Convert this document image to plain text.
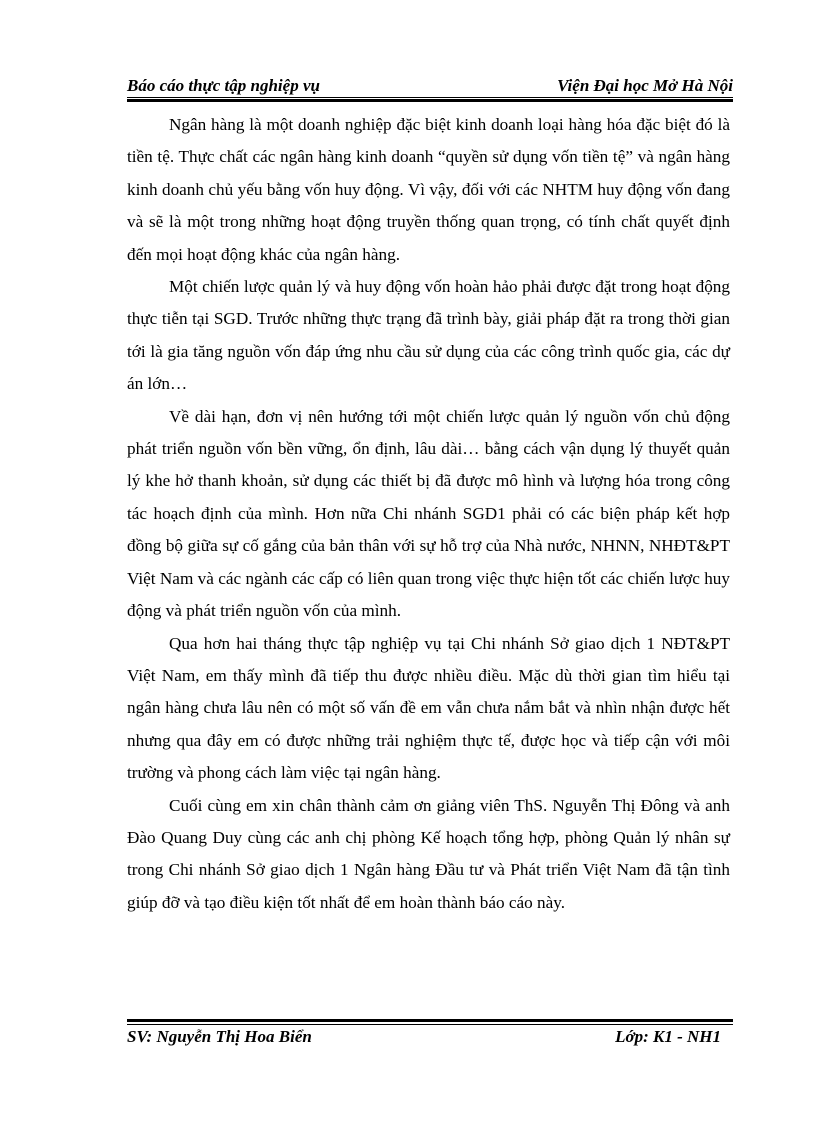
Báo cáo thực tập nghiệp vụ	Viện Đại học Mở Hà Nội

Ngân hàng là một doanh nghiệp đặc biệt kinh doanh loại hàng hóa đặc biệt đó là tiền tệ. Thực chất các ngân hàng kinh doanh “quyền sử dụng vốn tiền tệ” và ngân hàng kinh doanh chủ yếu bằng vốn huy động. Vì vậy, đối với các NHTM huy động vốn đang và sẽ là một trong những hoạt động truyền thống quan trọng, có tính chất quyết định đến mọi hoạt động khác của ngân hàng.

Một chiến lược quản lý và huy động vốn hoàn hảo phải được đặt trong hoạt động thực tiễn tại SGD. Trước những thực trạng đã trình bày, giải pháp đặt ra trong thời gian tới là gia tăng nguồn vốn đáp ứng nhu cầu sử dụng của các công trình quốc gia, các dự án lớn…

Về dài hạn, đơn vị nên hướng tới một chiến lược quản lý nguồn vốn chủ động phát triển nguồn vốn bền vững, ổn định, lâu dài… bằng cách vận dụng lý thuyết quản lý khe hở thanh khoản, sử dụng các thiết bị đã được mô hình và lượng hóa trong công tác hoạch định của mình. Hơn nữa Chi nhánh SGD1 phải có các biện pháp kết hợp đồng bộ giữa sự cố gắng của bản thân với sự hỗ trợ của Nhà nước, NHNN, NHĐT&PT Việt Nam và các ngành các cấp có liên quan trong việc thực hiện tốt các chiến lược huy động và phát triển nguồn vốn của mình.

Qua hơn hai tháng thực tập nghiệp vụ tại Chi nhánh Sở giao dịch 1 NĐT&PT Việt Nam, em thấy mình đã tiếp thu được nhiều điều. Mặc dù thời gian tìm hiểu tại ngân hàng chưa lâu nên có một số vấn đề em vẫn chưa nắm bắt và nhìn nhận được hết nhưng qua đây em có được những trải nghiệm thực tế, được học và tiếp cận với môi trường và phong cách làm việc tại ngân hàng.

Cuối cùng em xin chân thành cảm ơn giảng viên ThS. Nguyễn Thị Đông và anh Đào Quang Duy cùng các anh chị phòng Kế hoạch tổng hợp, phòng Quản lý nhân sự trong Chi nhánh Sở giao dịch 1 Ngân hàng Đầu tư và Phát triển Việt Nam đã tận tình giúp đỡ và tạo điều kiện tốt nhất để em hoàn thành báo cáo này.

SV: Nguyễn Thị Hoa Biển	Lớp: K1 - NH1
